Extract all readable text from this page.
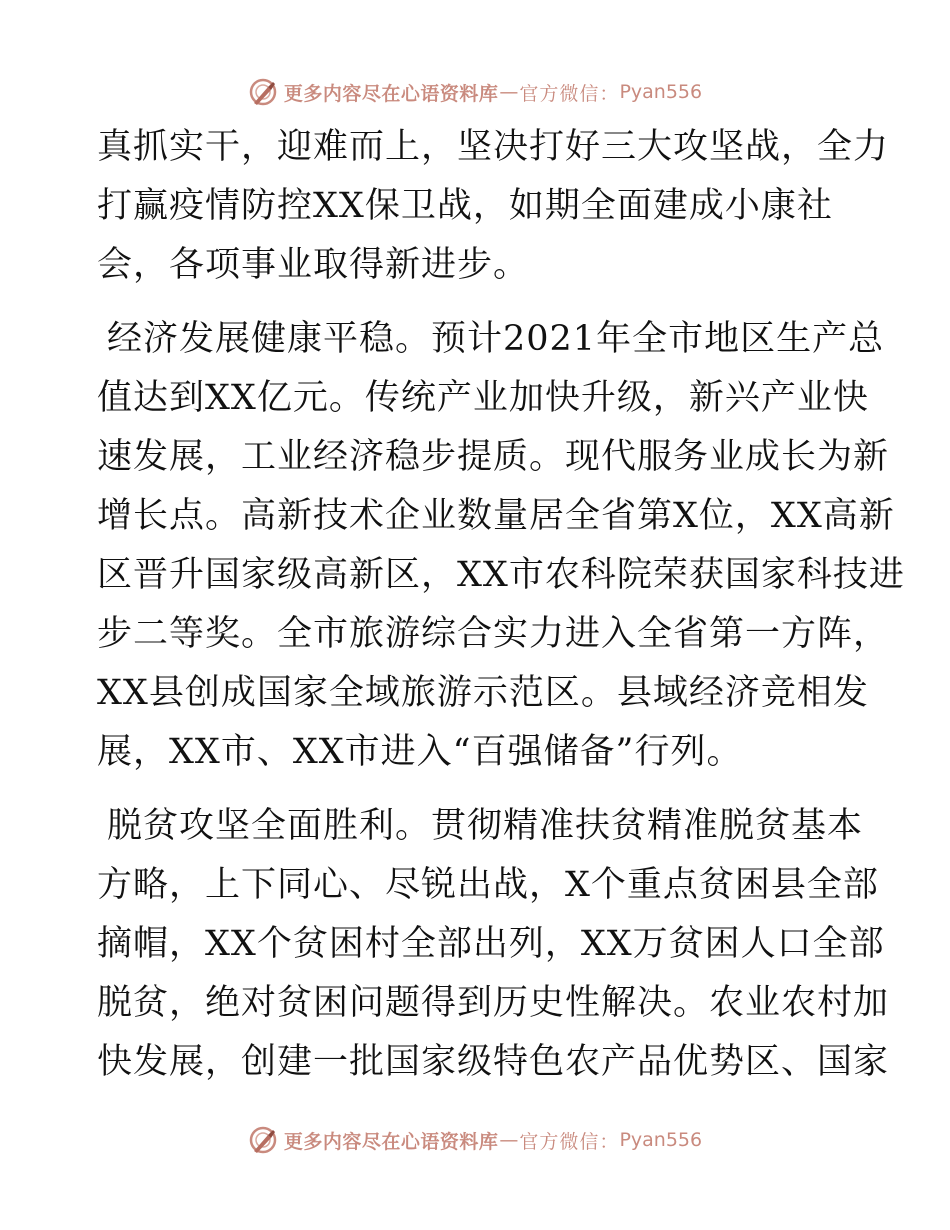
更多内容尽在心语资料库 — 官方微信： Pyan556

真抓实干，迎难而上，坚决打好三大攻坚战，全力
打赢疫情防控XX保卫战，如期全面建成小康社
会，各项事业取得新进步。

经济发展健康平稳。预计2021年全市地区生产总
值达到XX亿元。传统产业加快升级，新兴产业快
速发展，工业经济稳步提质。现代服务业成长为新
增长点。高新技术企业数量居全省第X位，XX高新
区晋升国家级高新区，XX市农科院荣获国家科技进
步二等奖。全市旅游综合实力进入全省第一方阵，
XX县创成国家全域旅游示范区。县域经济竞相发
展，XX市、XX市进入“百强储备”行列。

脱贫攻坚全面胜利。贯彻精准扶贫精准脱贫基本
方略，上下同心、尽锐出战，X个重点贫困县全部
摘帽，XX个贫困村全部出列，XX万贫困人口全部
脱贫，绝对贫困问题得到历史性解决。农业农村加
快发展，创建一批国家级特色农产品优势区、国家

更多内容尽在心语资料库 — 官方微信： Pyan556
